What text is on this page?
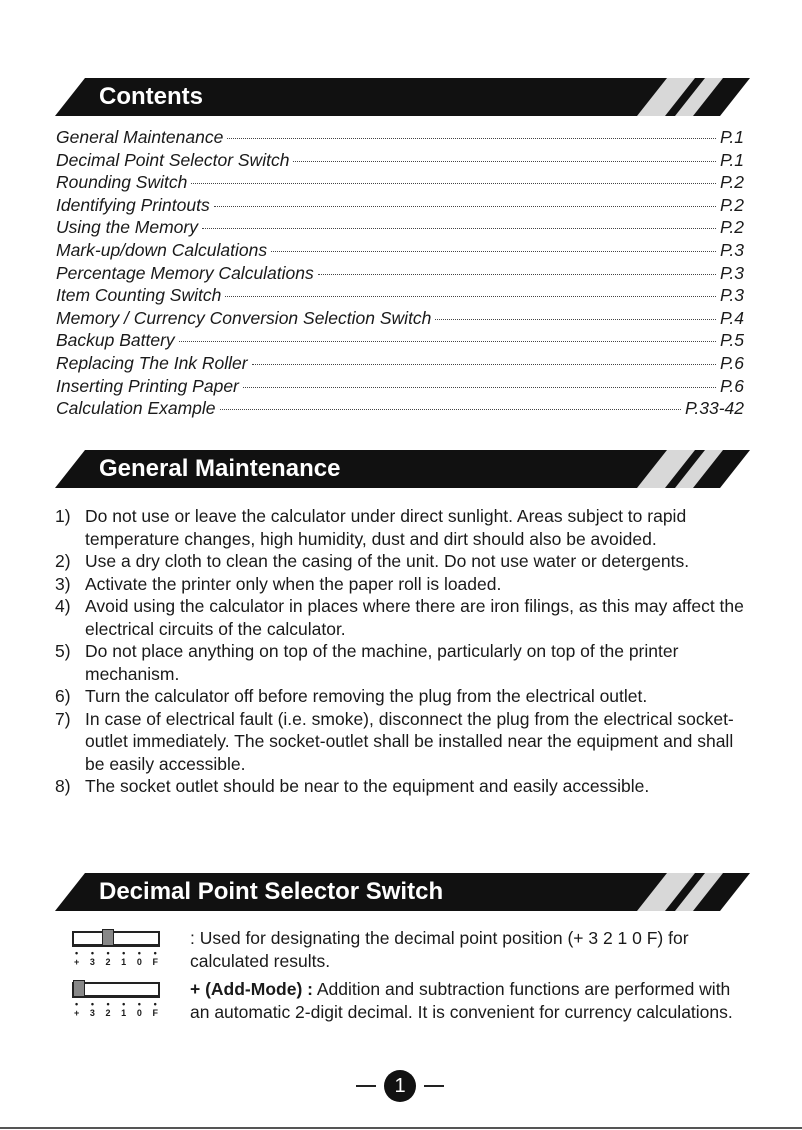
Contents
General Maintenance	P.1
Decimal Point Selector Switch	P.1
Rounding Switch	P.2
Identifying Printouts	P.2
Using the Memory	P.2
Mark-up/down Calculations	P.3
Percentage Memory Calculations	P.3
Item Counting Switch	P.3
Memory / Currency Conversion Selection Switch	P.4
Backup Battery	P.5
Replacing The Ink Roller	P.6
Inserting Printing Paper	P.6
Calculation Example	P.33-42
General Maintenance
1) Do not use or leave the calculator under direct sunlight. Areas subject to rapid temperature changes, high humidity, dust and dirt should also be avoided.
2) Use a dry cloth to clean the casing of the unit. Do not use water or detergents.
3) Activate the printer only when the paper roll is loaded.
4) Avoid using the calculator in places where there are iron filings, as this may affect the electrical circuits of the calculator.
5) Do not place anything on top of the machine, particularly on top of the printer mechanism.
6) Turn the calculator off before removing the plug from the electrical outlet.
7) In case of electrical fault (i.e. smoke), disconnect the plug from the electrical socket-outlet immediately. The socket-outlet shall be installed near the equipment and shall be easily accessible.
8) The socket outlet should be near to the equipment and easily accessible.
Decimal Point Selector Switch
•
+
•
3
•
2
•
1
•
0
•
F
: Used for designating the decimal point position (+ 3 2 1 0 F) for calculated results.
•
+
•
3
•
2
•
1
•
0
•
F
+ (Add-Mode) : Addition and subtraction functions are performed with an automatic 2-digit decimal. It is convenient for currency calculations.
1
